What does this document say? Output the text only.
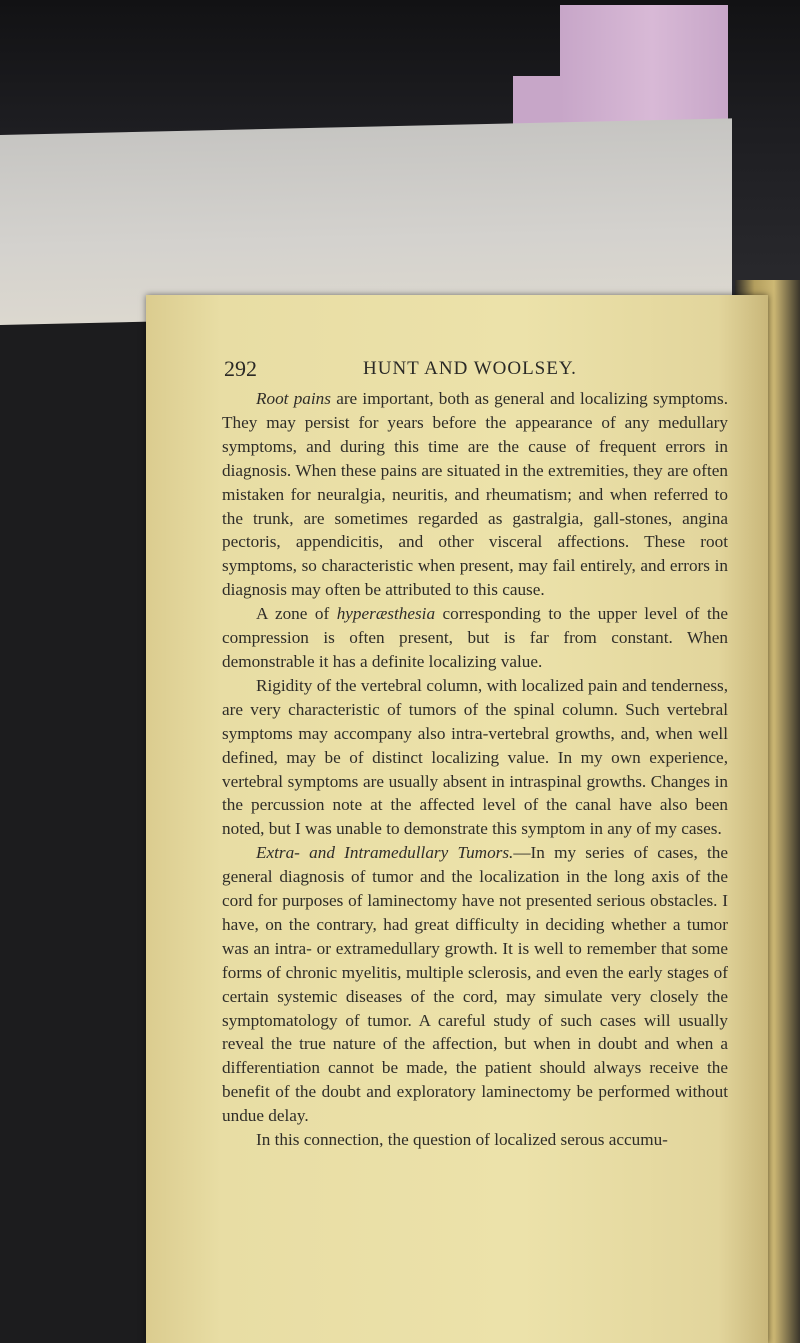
292	HUNT AND WOOLSEY.

Root pains are important, both as general and localizing symptoms. They may persist for years before the appearance of any medullary symptoms, and during this time are the cause of frequent errors in diagnosis. When these pains are situated in the extremities, they are often mistaken for neuralgia, neuritis, and rheumatism; and when referred to the trunk, are sometimes regarded as gastralgia, gall-stones, angina pectoris, appendicitis, and other visceral affections. These root symptoms, so characteristic when present, may fail entirely, and errors in diagnosis may often be attributed to this cause.

A zone of hyperæsthesia corresponding to the upper level of the compression is often present, but is far from constant. When demonstrable it has a definite localizing value.

Rigidity of the vertebral column, with localized pain and tenderness, are very characteristic of tumors of the spinal column. Such vertebral symptoms may accompany also intra-vertebral growths, and, when well defined, may be of distinct localizing value. In my own experience, vertebral symptoms are usually absent in intraspinal growths. Changes in the percussion note at the affected level of the canal have also been noted, but I was unable to demonstrate this symptom in any of my cases.

Extra- and Intramedullary Tumors.—In my series of cases, the general diagnosis of tumor and the localization in the long axis of the cord for purposes of laminectomy have not presented serious obstacles. I have, on the contrary, had great difficulty in deciding whether a tumor was an intra- or extramedullary growth. It is well to remember that some forms of chronic myelitis, multiple sclerosis, and even the early stages of certain systemic diseases of the cord, may simulate very closely the symptomatology of tumor. A careful study of such cases will usually reveal the true nature of the affection, but when in doubt and when a differentiation cannot be made, the patient should always receive the benefit of the doubt and exploratory laminectomy be performed without undue delay.

In this connection, the question of localized serous accumu-
